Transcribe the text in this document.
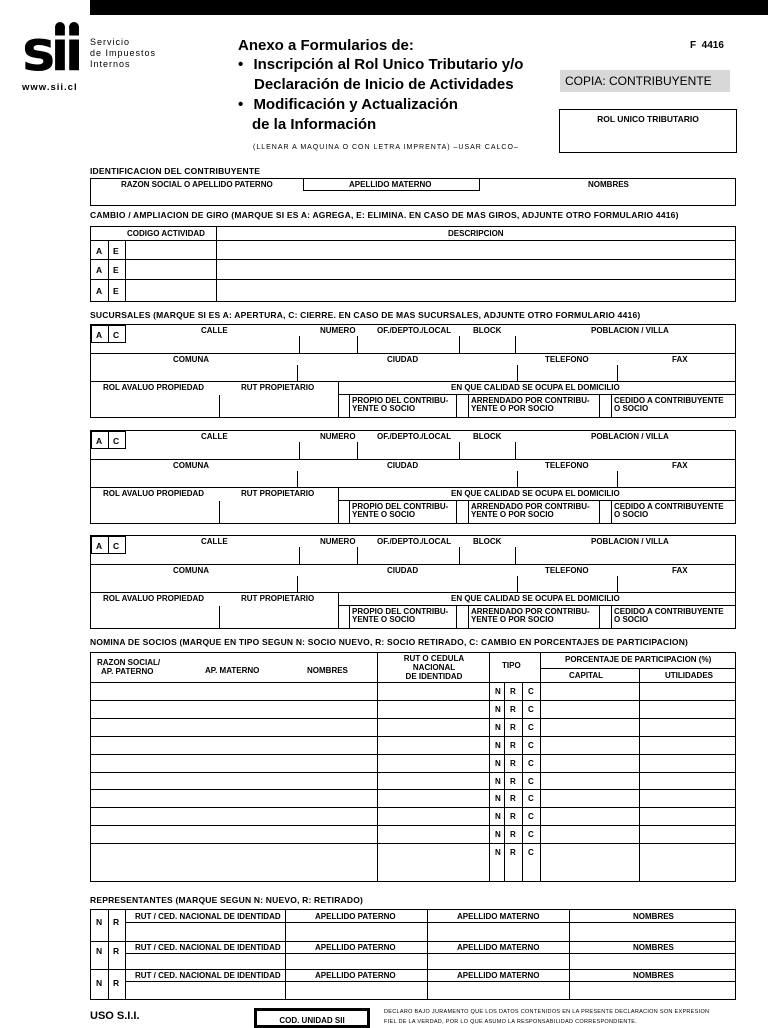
sii
www.sii.cl
Servicio
de Impuestos
Internos
Anexo a Formularios de:
• Inscripción al Rol Unico Tributario y/o
Declaración de Inicio de Actividades
• Modificación y Actualización
de la Información
(LLENAR A MAQUINA O CON LETRA IMPRENTA) –USAR CALCO–
F  4416
COPIA: CONTRIBUYENTE
ROL UNICO TRIBUTARIO
IDENTIFICACION DEL CONTRIBUYENTE
RAZON SOCIAL O APELLIDO PATERNO	APELLIDO MATERNO	NOMBRES
CAMBIO / AMPLIACION DE GIRO (MARQUE SI ES A: AGREGA, E: ELIMINA. EN CASO DE MAS GIROS, ADJUNTE OTRO FORMULARIO 4416)
CODIGO ACTIVIDAD	DESCRIPCION
A E
A E
A E
SUCURSALES (MARQUE SI ES A: APERTURA, C: CIERRE. EN CASO DE MAS SUCURSALES, ADJUNTE OTRO FORMULARIO 4416)
A C	CALLE	NUMERO	OF./DEPTO./LOCAL	BLOCK	POBLACION / VILLA
COMUNA	CIUDAD	TELEFONO	FAX
ROL AVALUO PROPIEDAD	RUT PROPIETARIO	EN QUE CALIDAD SE OCUPA EL DOMICILIO
PROPIO DEL CONTRIBU-
YENTE O SOCIO
ARRENDADO POR CONTRIBU-
YENTE O POR SOCIO
CEDIDO A CONTRIBUYENTE
O SOCIO
A C	CALLE	NUMERO	OF./DEPTO./LOCAL	BLOCK	POBLACION / VILLA
COMUNA	CIUDAD	TELEFONO	FAX
ROL AVALUO PROPIEDAD	RUT PROPIETARIO	EN QUE CALIDAD SE OCUPA EL DOMICILIO
PROPIO DEL CONTRIBU-
YENTE O SOCIO
ARRENDADO POR CONTRIBU-
YENTE O POR SOCIO
CEDIDO A CONTRIBUYENTE
O SOCIO
A C	CALLE	NUMERO	OF./DEPTO./LOCAL	BLOCK	POBLACION / VILLA
COMUNA	CIUDAD	TELEFONO	FAX
ROL AVALUO PROPIEDAD	RUT PROPIETARIO	EN QUE CALIDAD SE OCUPA EL DOMICILIO
PROPIO DEL CONTRIBU-
YENTE O SOCIO
ARRENDADO POR CONTRIBU-
YENTE O POR SOCIO
CEDIDO A CONTRIBUYENTE
O SOCIO
NOMINA DE SOCIOS (MARQUE EN TIPO SEGUN N: SOCIO NUEVO, R: SOCIO RETIRADO, C: CAMBIO EN PORCENTAJES DE PARTICIPACION)
RAZON SOCIAL/
AP. PATERNO	AP. MATERNO	NOMBRES
RUT O CEDULA
NACIONAL
DE IDENTIDAD
TIPO
PORCENTAJE DE PARTICIPACION (%)
CAPITAL	UTILIDADES
N R C
N R C
N R C
N R C
N R C
N R C
N R C
N R C
N R C
N R C
REPRESENTANTES (MARQUE SEGUN N: NUEVO, R: RETIRADO)
N R
RUT / CED. NACIONAL DE IDENTIDAD	APELLIDO PATERNO	APELLIDO MATERNO	NOMBRES
N R RUT / CED. NACIONAL DE IDENTIDAD	APELLIDO PATERNO	APELLIDO MATERNO	NOMBRES
N R
RUT / CED. NACIONAL DE IDENTIDAD	APELLIDO PATERNO	APELLIDO MATERNO	NOMBRES
USO S.I.I.	COD. UNIDAD SII
DECLARO BAJO JURAMENTO QUE LOS DATOS CONTENIDOS EN LA PRESENTE DECLARACION SON EXPRESION
FIEL DE LA VERDAD, POR LO QUE ASUMO LA RESPONSABILIDAD CORRESPONDIENTE.
